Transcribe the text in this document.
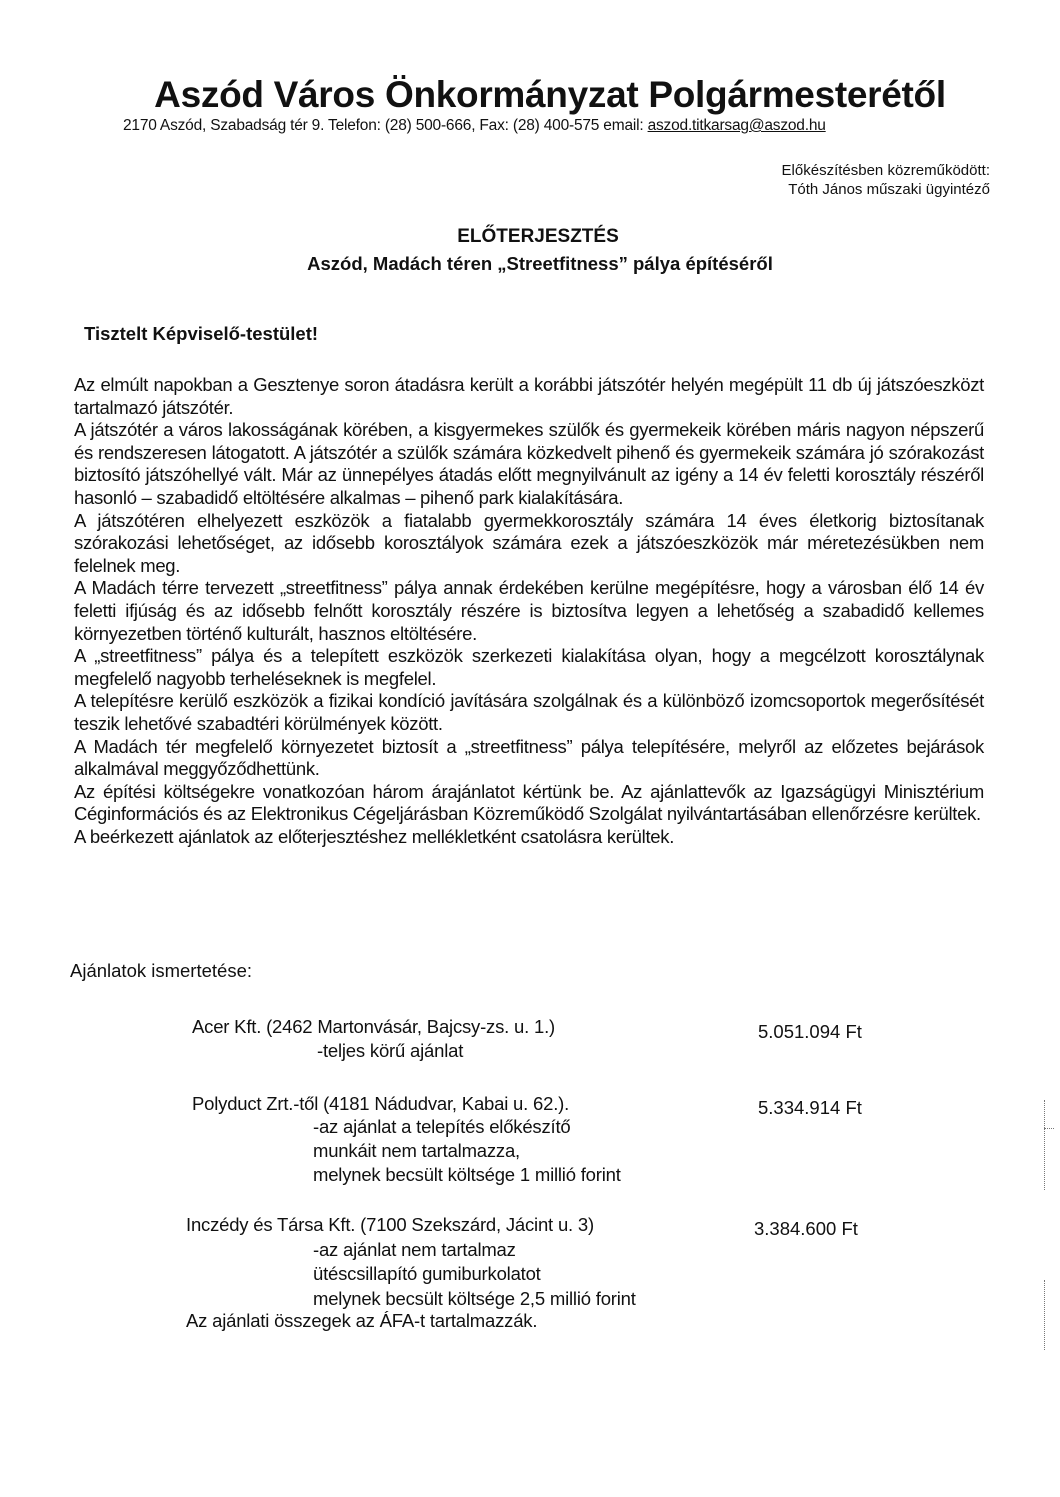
Aszód Város Önkormányzat Polgármesterétől
2170 Aszód, Szabadság tér 9. Telefon: (28) 500-666, Fax: (28) 400-575 email: aszod.titkarsag@aszod.hu
Előkészítésben közreműködött:
Tóth János műszaki ügyintéző
ELŐTERJESZTÉS
Aszód, Madách téren „Streetfitness” pálya építéséről
Tisztelt Képviselő-testület!

Az elmúlt napokban a Gesztenye soron átadásra került a korábbi játszótér helyén megépült 11 db új játszóeszközt tartalmazó játszótér.

A játszótér a város lakosságának körében, a kisgyermekes szülők és gyermekeik körében máris nagyon népszerű és rendszeresen látogatott. A játszótér a szülők számára közkedvelt pihenő és gyermekeik számára jó szórakozást biztosító játszóhellyé vált. Már az ünnepélyes átadás előtt megnyilvánult az igény a 14 év feletti korosztály részéről hasonló – szabadidő eltöltésére alkalmas – pihenő park kialakítására.

A játszótéren elhelyezett eszközök a fiatalabb gyermekkorosztály számára 14 éves életkorig biztosítanak szórakozási lehetőséget, az idősebb korosztályok számára ezek a játszóeszközök már méretezésükben nem felelnek meg.

A Madách térre tervezett „streetfitness” pálya annak érdekében kerülne megépítésre, hogy a városban élő 14 év feletti ifjúság és az idősebb felnőtt korosztály részére is biztosítva legyen a lehetőség a szabadidő kellemes környezetben történő kulturált, hasznos eltöltésére.

A „streetfitness” pálya és a telepített eszközök szerkezeti kialakítása olyan, hogy a megcélzott korosztálynak megfelelő nagyobb terheléseknek is megfelel.

A telepítésre kerülő eszközök a fizikai kondíció javítására szolgálnak és a különböző izomcsoportok megerősítését teszik lehetővé szabadtéri körülmények között.

A Madách tér megfelelő környezetet biztosít a „streetfitness” pálya telepítésére, melyről az előzetes bejárások alkalmával meggyőződhettünk.

Az építési költségekre vonatkozóan három árajánlatot kértünk be. Az ajánlattevők az Igazságügyi Minisztérium Céginformációs és az Elektronikus Cégeljárásban Közreműködő Szolgálat nyilvántartásában ellenőrzésre kerültek.

A beérkezett ajánlatok az előterjesztéshez mellékletként csatolásra kerültek.

Ajánlatok ismertetése:
Acer Kft. (2462 Martonvásár, Bajcsy-zs. u. 1.)	5.051.094 Ft
-teljes körű ajánlat
Polyduct Zrt.-től (4181 Nádudvar, Kabai u. 62.).	5.334.914 Ft
-az ajánlat a telepítés előkészítő
munkáit nem tartalmazza,
melynek becsült költsége 1 millió forint
Inczédy és Társa Kft. (7100 Szekszárd, Jácint u. 3)	3.384.600 Ft
-az ajánlat nem tartalmaz
ütéscsillapító gumiburkolatot
melynek becsült költsége 2,5 millió forint
Az ajánlati összegek az ÁFA-t tartalmazzák.
